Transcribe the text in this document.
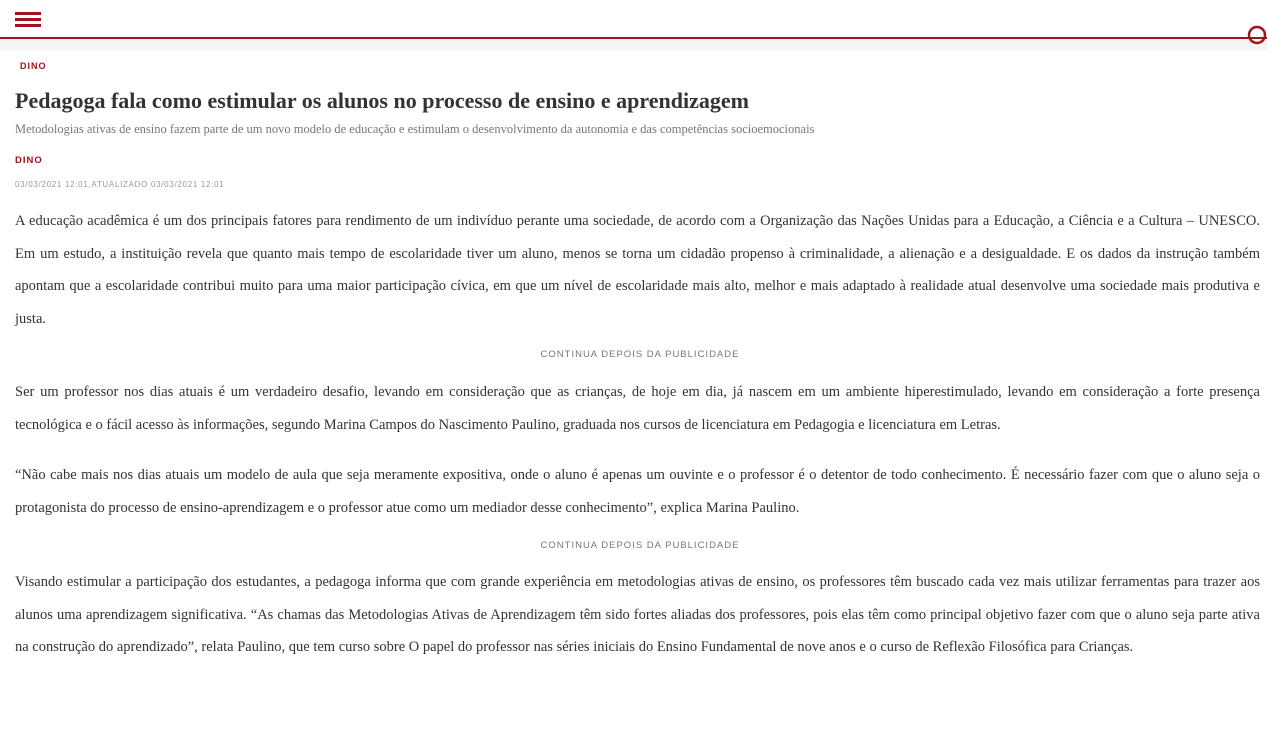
DINO
Pedagoga fala como estimular os alunos no processo de ensino e aprendizagem

Metodologias ativas de ensino fazem parte de um novo modelo de educação e estimulam o desenvolvimento da autonomia e das competências socioemocionais

DINO
03/03/2021 12:01,ATUALIZADO 03/03/2021 12:01

A educação acadêmica é um dos principais fatores para rendimento de um indivíduo perante uma sociedade, de acordo com a Organização das Nações Unidas para a Educação, a Ciência e a Cultura – UNESCO. Em um estudo, a instituição revela que quanto mais tempo de escolaridade tiver um aluno, menos se torna um cidadão propenso à criminalidade, a alienação e a desigualdade. E os dados da instrução também apontam que a escolaridade contribui muito para uma maior participação cívica, em que um nível de escolaridade mais alto, melhor e mais adaptado à realidade atual desenvolve uma sociedade mais produtiva e justa.

CONTINUA DEPOIS DA PUBLICIDADE

Ser um professor nos dias atuais é um verdadeiro desafio, levando em consideração que as crianças, de hoje em dia, já nascem em um ambiente hiperestimulado, levando em consideração a forte presença tecnológica e o fácil acesso às informações, segundo Marina Campos do Nascimento Paulino, graduada nos cursos de licenciatura em Pedagogia e licenciatura em Letras.

“Não cabe mais nos dias atuais um modelo de aula que seja meramente expositiva, onde o aluno é apenas um ouvinte e o professor é o detentor de todo conhecimento. É necessário fazer com que o aluno seja o protagonista do processo de ensino-aprendizagem e o professor atue como um mediador desse conhecimento”, explica Marina Paulino.

CONTINUA DEPOIS DA PUBLICIDADE

Visando estimular a participação dos estudantes, a pedagoga informa que com grande experiência em metodologias ativas de ensino, os professores têm buscado cada vez mais utilizar ferramentas para trazer aos alunos uma aprendizagem significativa. “As chamas das Metodologias Ativas de Aprendizagem têm sido fortes aliadas dos professores, pois elas têm como principal objetivo fazer com que o aluno seja parte ativa na construção do aprendizado”, relata Paulino, que tem curso sobre O papel do professor nas séries iniciais do Ensino Fundamental de nove anos e o curso de Reflexão Filosófica para Crianças.
